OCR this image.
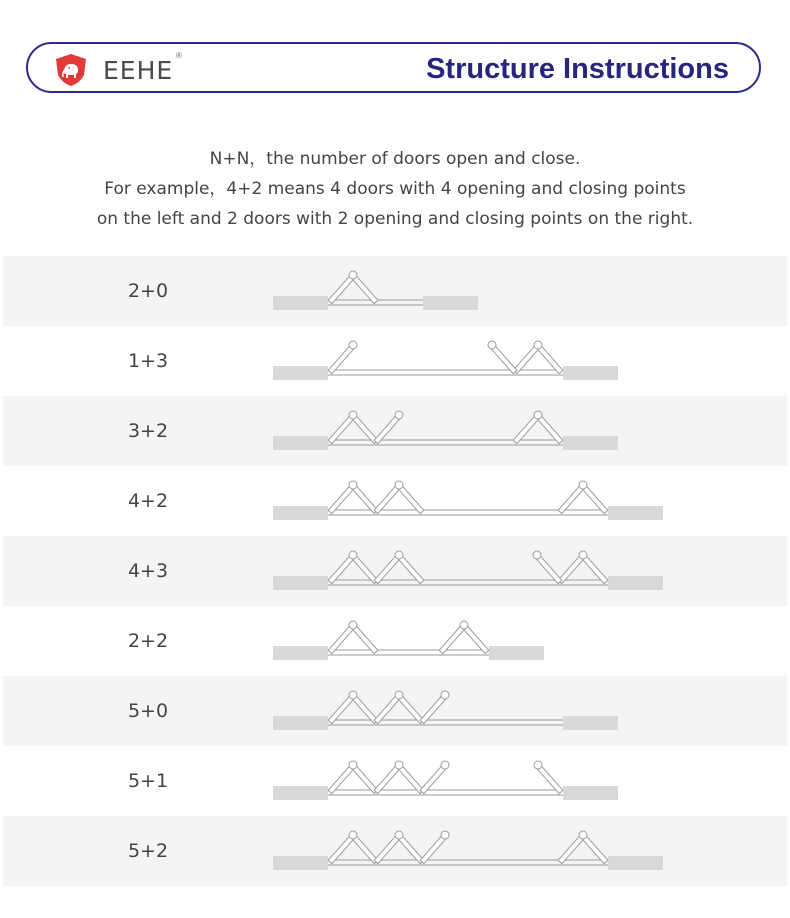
EEHE
®	Structure Instructions
N+N，the number of doors open and close.
For example，4+2 means 4 doors with 4 opening and closing points
on the left and 2 doors with 2 opening and closing points on the right.
2+0
1+3
3+2
4+2
4+3
2+2
5+0
5+1
5+2
